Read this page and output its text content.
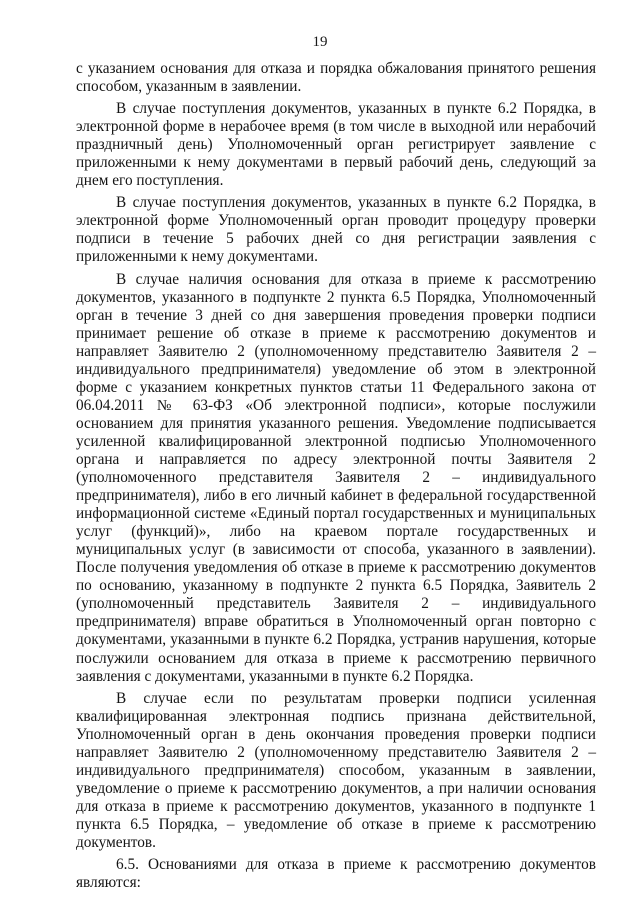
19

с указанием основания для отказа и порядка обжалования принятого решения способом, указанным в заявлении.

В случае поступления документов, указанных в пункте 6.2 Порядка, в электронной форме в нерабочее время (в том числе в выходной или нерабочий праздничный день) Уполномоченный орган регистрирует заявление с приложенными к нему документами в первый рабочий день, следующий за днем его поступления.

В случае поступления документов, указанных в пункте 6.2 Порядка, в электронной форме Уполномоченный орган проводит процедуру проверки подписи в течение 5 рабочих дней со дня регистрации заявления с приложенными к нему документами.

В случае наличия основания для отказа в приеме к рассмотрению документов, указанного в подпункте 2 пункта 6.5 Порядка, Уполномоченный орган в течение 3 дней со дня завершения проведения проверки подписи принимает решение об отказе в приеме к рассмотрению документов и направляет Заявителю 2 (уполномоченному представителю Заявителя 2 – индивидуального предпринимателя) уведомление об этом в электронной форме с указанием конкретных пунктов статьи 11 Федерального закона от 06.04.2011 № 63-ФЗ «Об электронной подписи», которые послужили основанием для принятия указанного решения. Уведомление подписывается усиленной квалифицированной электронной подписью Уполномоченного органа и направляется по адресу электронной почты Заявителя 2 (уполномоченного представителя Заявителя 2 – индивидуального предпринимателя), либо в его личный кабинет в федеральной государственной информационной системе «Единый портал государственных и муниципальных услуг (функций)», либо на краевом портале государственных и муниципальных услуг (в зависимости от способа, указанного в заявлении). После получения уведомления об отказе в приеме к рассмотрению документов по основанию, указанному в подпункте 2 пункта 6.5 Порядка, Заявитель 2 (уполномоченный представитель Заявителя 2 – индивидуального предпринимателя) вправе обратиться в Уполномоченный орган повторно с документами, указанными в пункте 6.2 Порядка, устранив нарушения, которые послужили основанием для отказа в приеме к рассмотрению первичного заявления с документами, указанными в пункте 6.2 Порядка.

В случае если по результатам проверки подписи усиленная квалифицированная электронная подпись признана действительной, Уполномоченный орган в день окончания проведения проверки подписи направляет Заявителю 2 (уполномоченному представителю Заявителя 2 – индивидуального предпринимателя) способом, указанным в заявлении, уведомление о приеме к рассмотрению документов, а при наличии основания для отказа в приеме к рассмотрению документов, указанного в подпункте 1 пункта 6.5 Порядка, – уведомление об отказе в приеме к рассмотрению документов.

6.5. Основаниями для отказа в приеме к рассмотрению документов являются:
